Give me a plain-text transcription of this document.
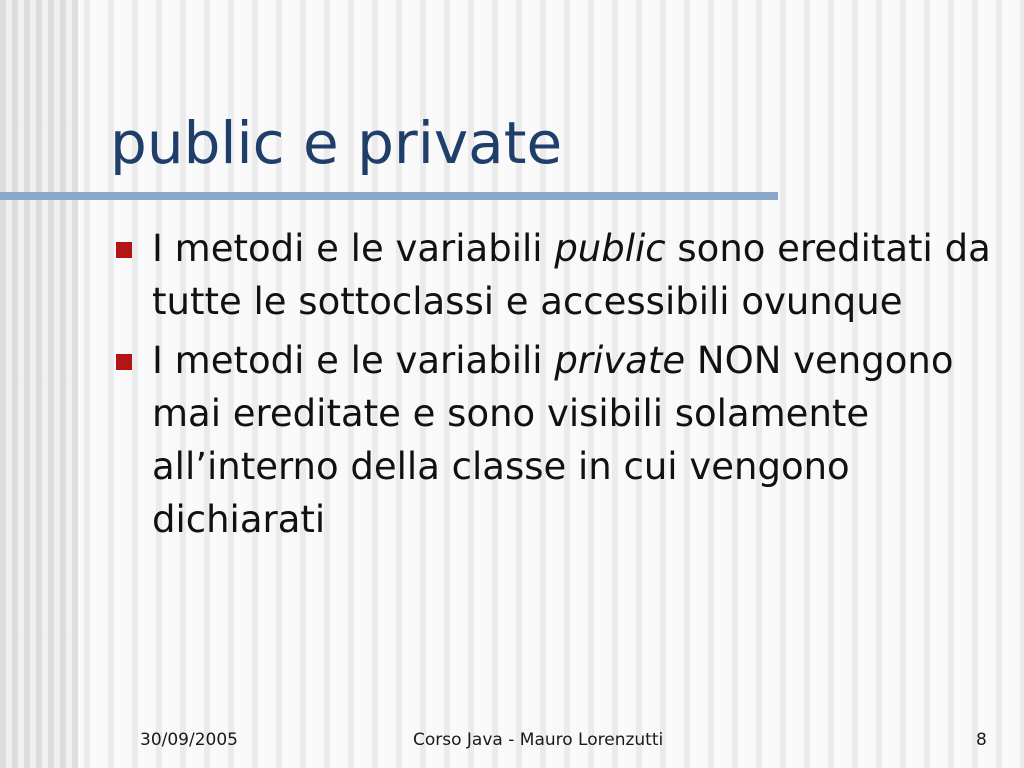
public e private
I metodi e le variabili public sono ereditati da tutte le sottoclassi e accessibili ovunque
I metodi e le variabili private NON vengono mai ereditate e sono visibili solamente all’interno della classe in cui vengono dichiarati
30/09/2005	Corso Java - Mauro Lorenzutti	8
